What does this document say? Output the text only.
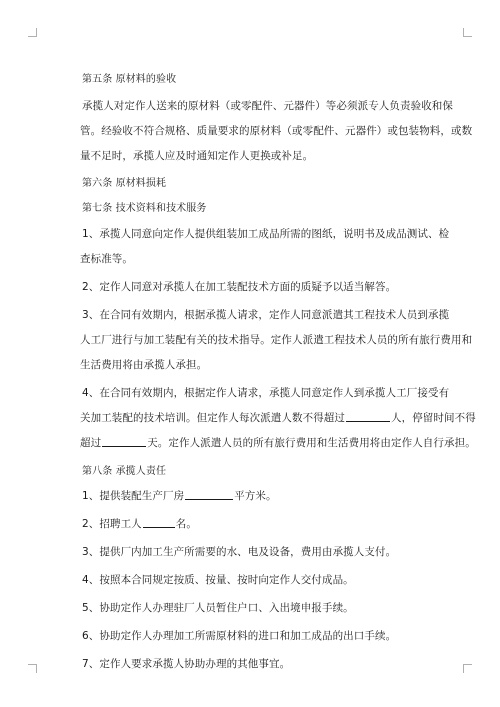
第五条 原材料的验收
承揽人对定作人送来的原材料（或零配件、元器件）等必须派专人负责验收和保
管。经验收不符合规格、质量要求的原材料（或零配件、元器件）或包装物料，或数
量不足时，承揽人应及时通知定作人更换或补足。
第六条 原材料损耗
第七条 技术资料和技术服务
1、承揽人同意向定作人提供组装加工成品所需的图纸，说明书及成品测试、检
查标准等。
2、定作人同意对承揽人在加工装配技术方面的质疑予以适当解答。
3、在合同有效期内，根据承揽人请求，定作人同意派遣其工程技术人员到承揽
人工厂进行与加工装配有关的技术指导。定作人派遣工程技术人员的所有旅行费用和
生活费用将由承揽人承担。
4、在合同有效期内，根据定作人请求，承揽人同意定作人到承揽人工厂接受有
关加工装配的技术培训。但定作人每次派遣人数不得超过	人，停留时间不得
超过	天。定作人派遣人员的所有旅行费用和生活费用将由定作人自行承担。
第八条 承揽人责任
1、提供装配生产厂房	平方米。
2、招聘工人	名。
3、提供厂内加工生产所需要的水、电及设备，费用由承揽人支付。
4、按照本合同规定按质、按量、按时向定作人交付成品。
5、协助定作人办理驻厂人员暂住户口、入出境申报手续。
6、协助定作人办理加工所需原材料的进口和加工成品的出口手续。
7、定作人要求承揽人协助办理的其他事宜。
